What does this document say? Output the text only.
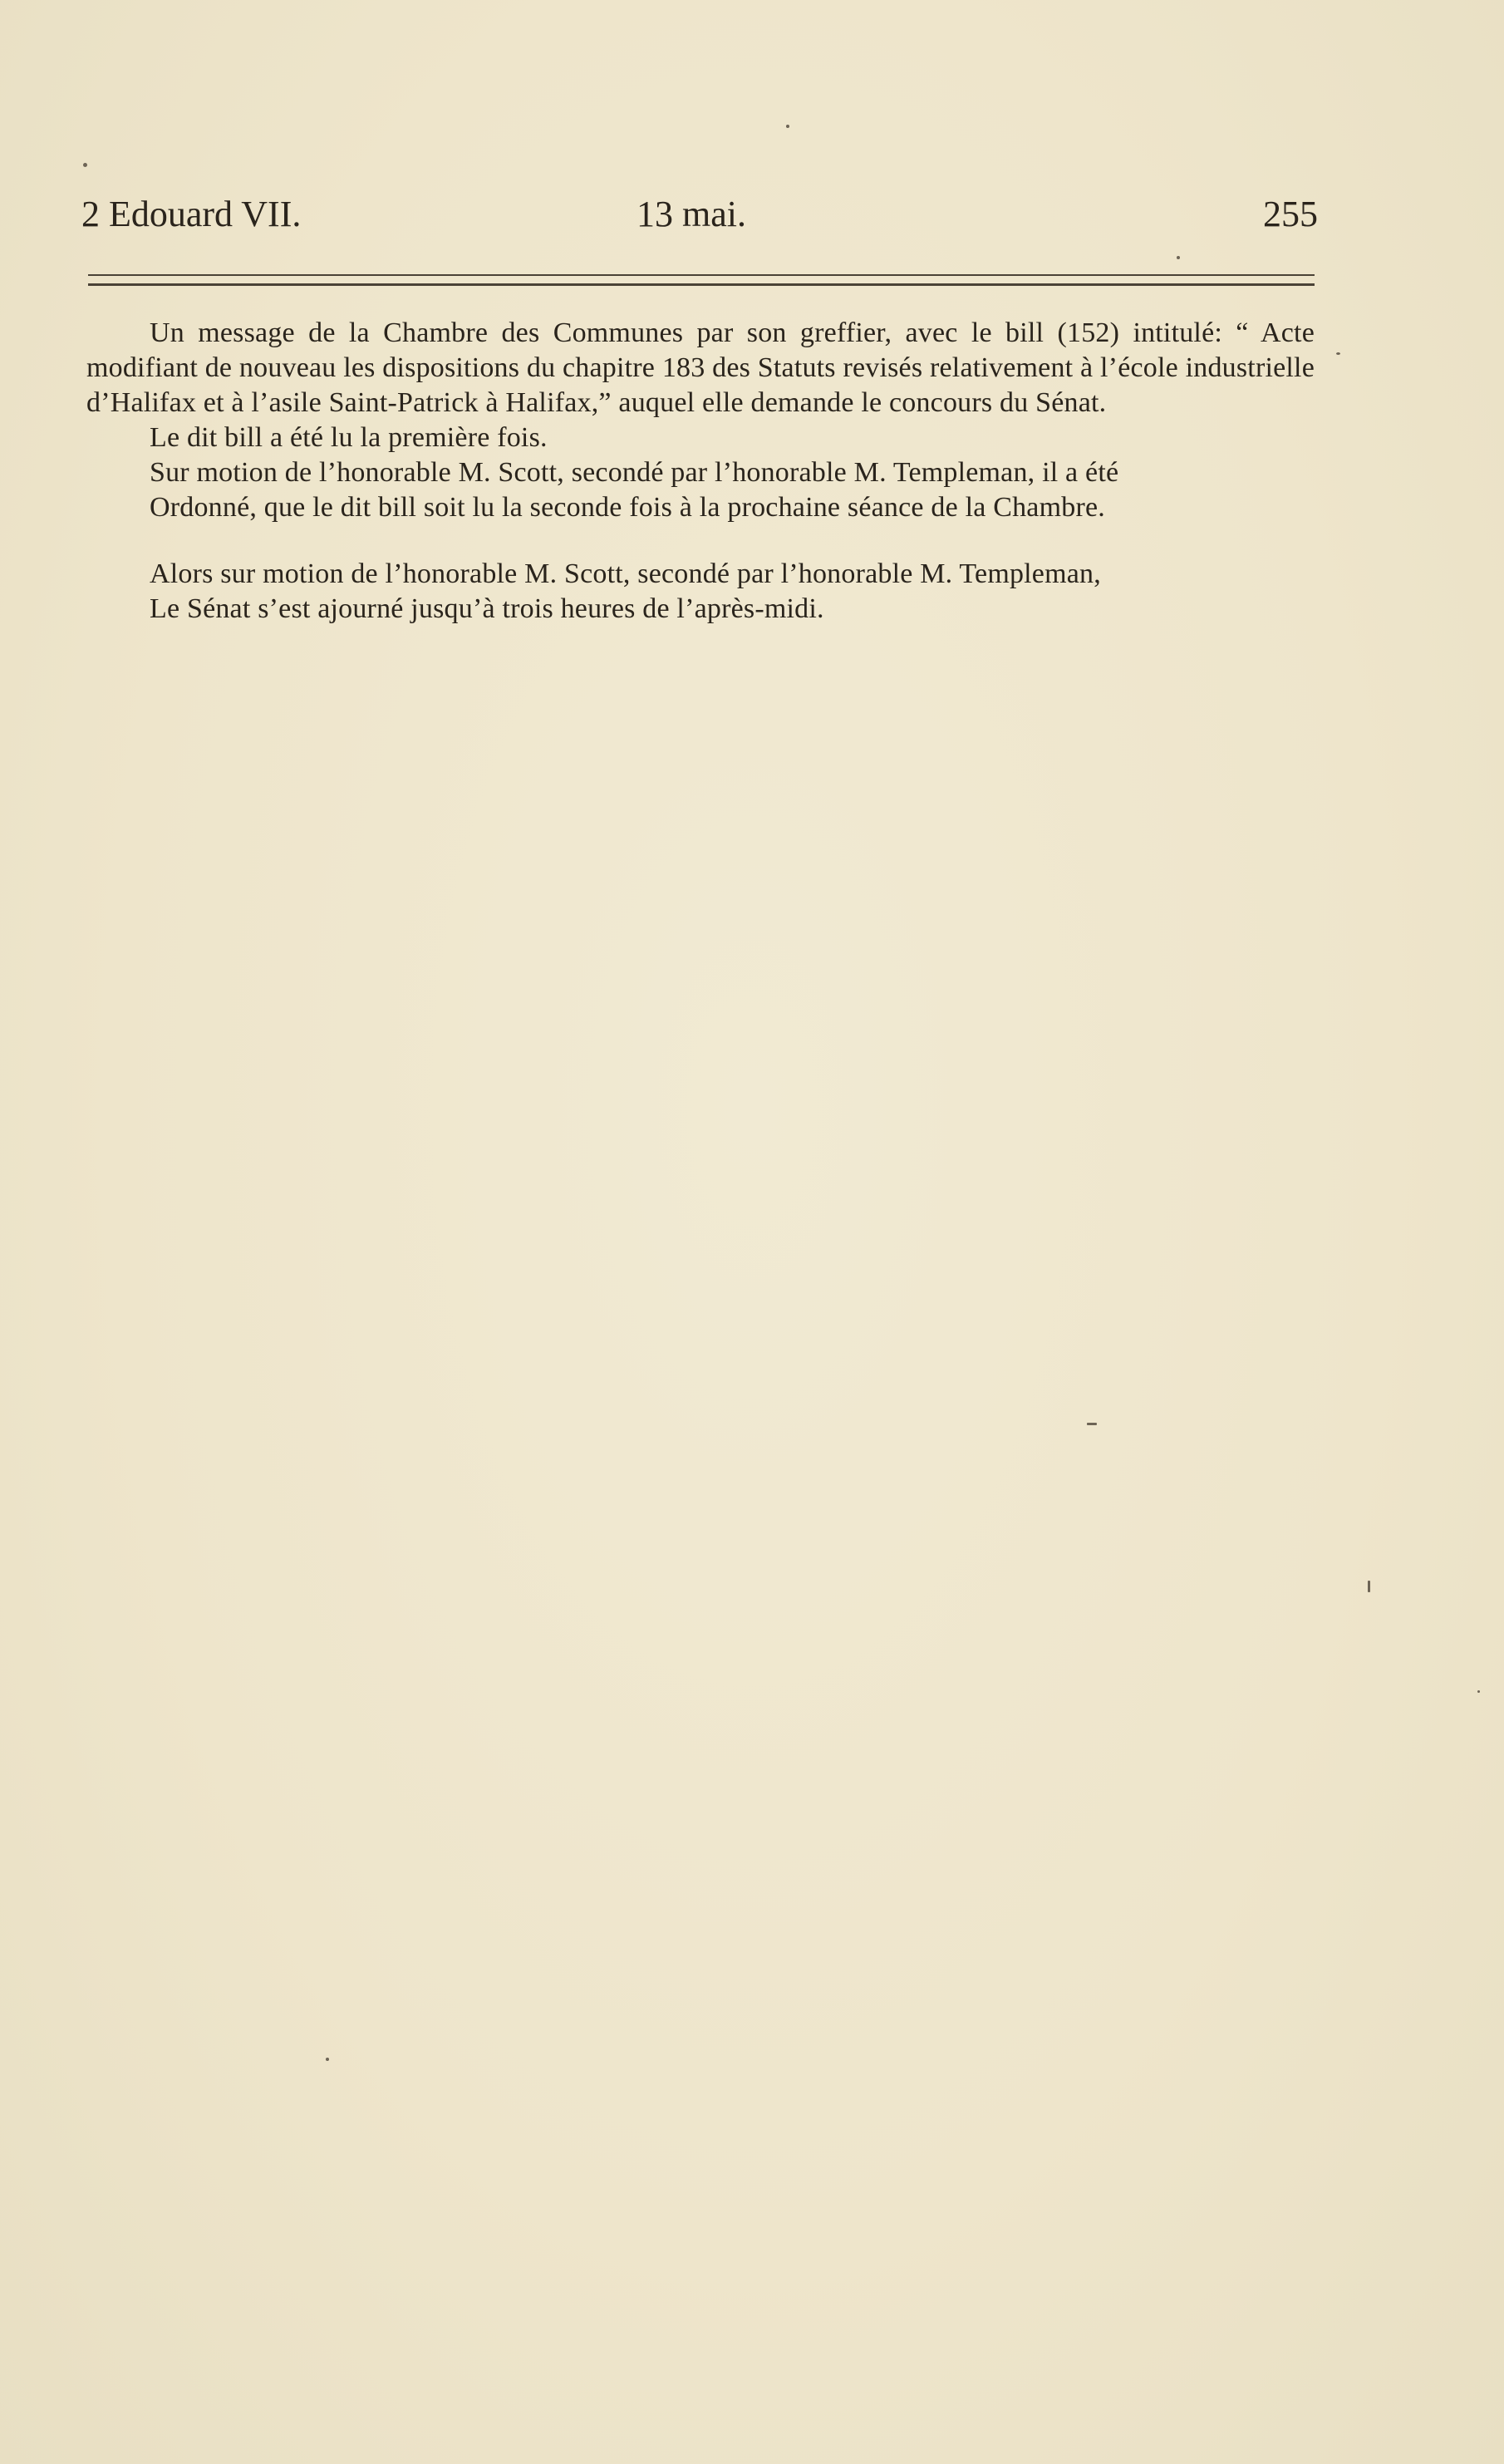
2 Edouard VII.	13 mai.	255

Un message de la Chambre des Communes par son greffier, avec le bill (152) intitulé: “ Acte modifiant de nouveau les dispositions du chapitre 183 des Statuts revisés relativement à l’école industrielle d’Halifax et à l’asile Saint-Patrick à Halifax,” auquel elle demande le concours du Sénat.

Le dit bill a été lu la première fois.

Sur motion de l’honorable M. Scott, secondé par l’honorable M. Templeman, il a été

Ordonné, que le dit bill soit lu la seconde fois à la prochaine séance de la Chambre.

Alors sur motion de l’honorable M. Scott, secondé par l’honorable M. Templeman,

Le Sénat s’est ajourné jusqu’à trois heures de l’après-midi.
